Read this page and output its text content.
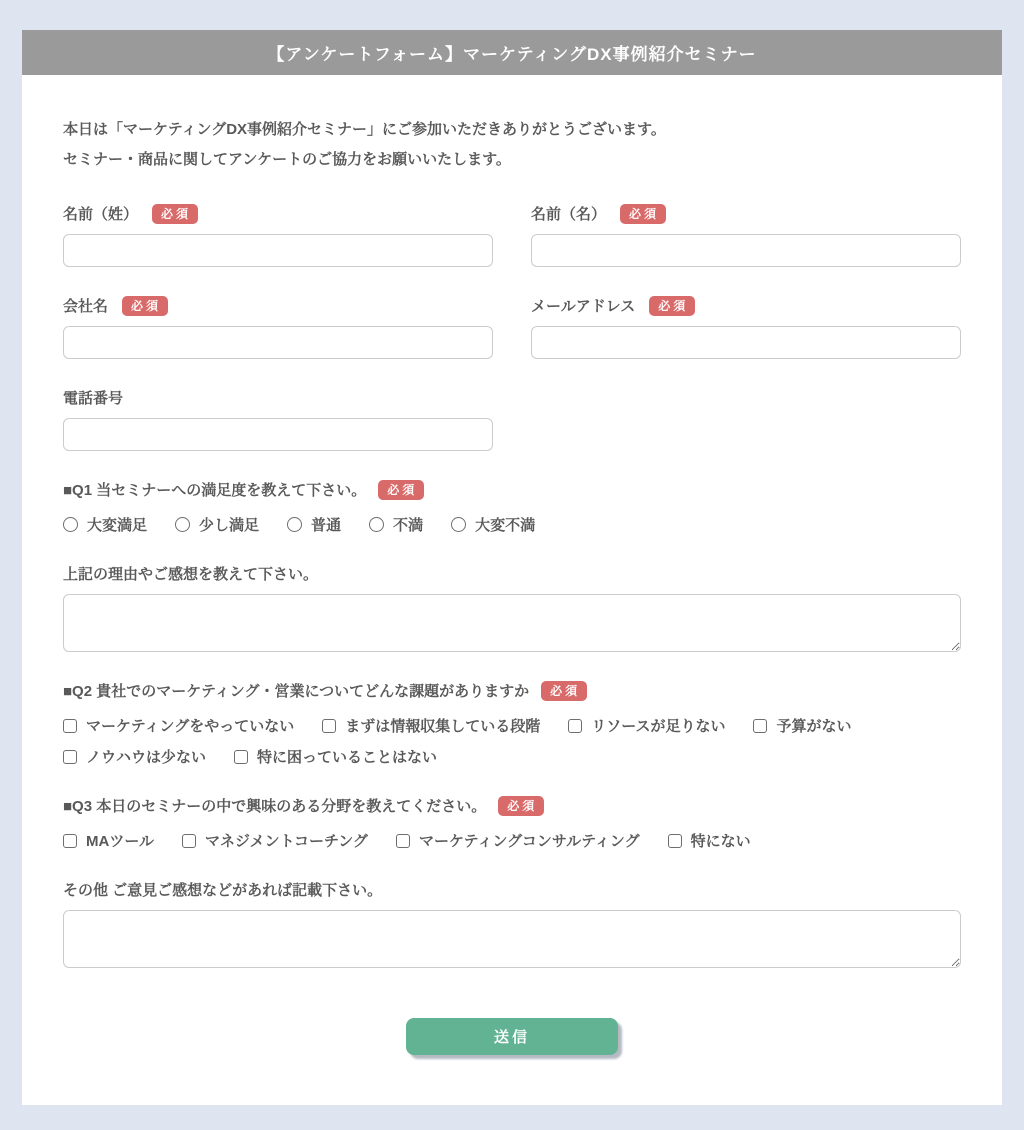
【アンケートフォーム】マーケティングDX事例紹介セミナー

本日は「マーケティングDX事例紹介セミナー」にご参加いただきありがとうございます。

セミナー・商品に関してアンケートのご協力をお願いいたします。

名前（姓）	必須	名前（名）	必須
会社名	必須	メールアドレス	必須
電話番号
■Q1 当セミナーへの満足度を教えて下さい。	必須
大変満足	少し満足	普通	不満	大変不満
上記の理由やご感想を教えて下さい。
■Q2 貴社でのマーケティング・営業についてどんな課題がありますか	必須
マーケティングをやっていない	まずは情報収集している段階	リソースが足りない	予算がない
ノウハウは少ない	特に困っていることはない
■Q3 本日のセミナーの中で興味のある分野を教えてください。	必須
MAツール	マネジメントコーチング	マーケティングコンサルティング	特にない
その他 ご意見ご感想などがあれば記載下さい。
送信
